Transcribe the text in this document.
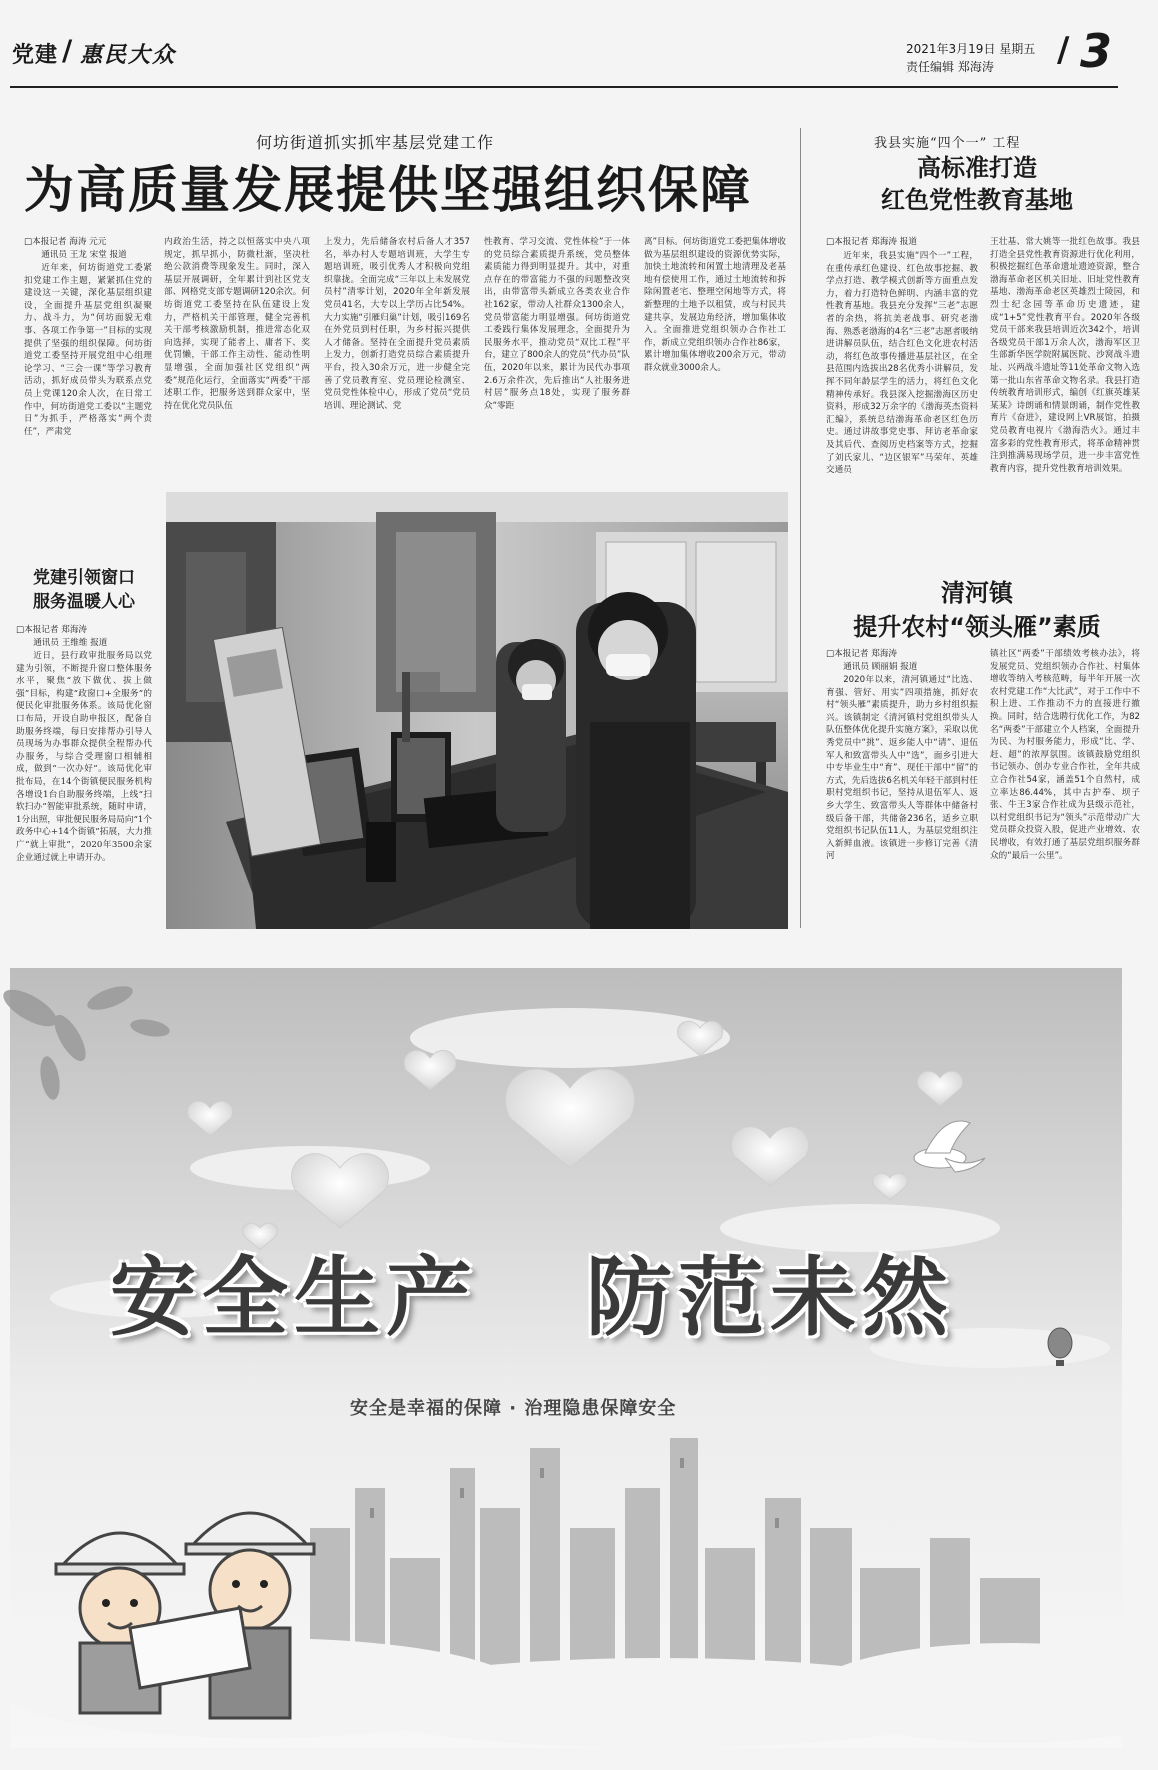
党建 / 惠民大众	2021年3月19日 星期五
责任编辑 郑海涛 / 3
何坊街道抓实抓牢基层党建工作
为高质量发展提供坚强组织保障
□本报记者 海涛 元元
通讯员 王龙 宋堂 报道

近年来，何坊街道党工委紧扣党建工作主题，紧紧抓住党的建设这一关键，深化基层组织建设，全面提升基层党组织凝聚力、战斗力，为“何坊面貌无难事、各项工作争第一”目标的实现提供了坚强的组织保障。何坊街道党工委坚持开展党组中心组理论学习、“三会一课”等学习教育活动，抓好成员带头为联系点党员上党课120余人次，在日常工作中，何坊街道党工委以“主题党日”为抓手，严格落实“两个责任”，严肃党

内政治生活，持之以恒落实中央八项规定，抓早抓小，防微杜渐，坚决杜绝公款消费等现象发生。同时，深入基层开展调研，全年累计到社区党支部、网格党支部专题调研120余次。何坊街道党工委坚持在队伍建设上发力，严格机关干部管理，健全完善机关干部考核激励机制，推进常态化双向选择，实现了能者上、庸者下、奖优罚懒，干部工作主动性、能动性明显增强，全面加强社区党组织“两委”规范化运行，全面落实“两委”干部述职工作，把服务送到群众家中，坚持在优化党员队伍

上发力，先后储备农村后备人才357名，举办村人专题培训班，大学生专题培训班，吸引优秀人才积极向党组织靠拢。全面完成“三年以上未发展党员村”清零计划，2020年全年新发展党员41名，大专以上学历占比54%。大力实施“引雁归巢”计划，吸引169名在外党员到村任职，为乡村振兴提供人才储备。坚持在全面提升党员素质上发力，创新打造党员综合素质提升平台，投入30余万元，进一步健全完善了党员教育室、党员理论检测室、党员党性体检中心，形成了党员“党员培训、理论测试、党

性教育、学习交流、党性体检”于一体的党员综合素质提升系统，党员整体素质能力得到明显提升。其中，对重点存在的带富能力不强的问题整改突出，由带富带头新成立各类农业合作社162家，带动人社群众1300余人，党员带富能力明显增强。何坊街道党工委践行集体发展理念，全面提升为民服务水平，推动党员“双比工程”平台，建立了800余人的党员“代办员”队伍，2020年以来，累计为民代办事项2.6万余件次，先后推出“人社服务进村居”服务点18处，实现了服务群众“零距

离”目标。何坊街道党工委把集体增收做为基层组织建设的资源优势实际，加快土地流转和闲置土地清理及老基地有偿使用工作，通过土地流转和拆除闲置老宅、整理空闲地等方式，将新整理的土地予以租赁，或与村民共建共享，发展边角经济，增加集体收入。全面推进党组织领办合作社工作，新成立党组织领办合作社86家，累计增加集体增收200余万元，带动群众就业3000余人。

党建引领窗口
服务温暖人心
□本报记者 郑海涛
通讯员 王维维 报道

近日，县行政审批服务局以党建为引领，不断提升窗口整体服务水平，聚焦“放下做优、拔上做强”目标，构建“政窗口+全服务”的便民化审批服务体系。该局优化窗口布局，开设自助申报区，配备自助服务终端，每日安排帮办引导人员现场为办事群众提供全程帮办代办服务，与综合受理窗口相辅相成，做到“一次办好”。该局优化审批布局，在14个街镇便民服务机构各增设1台自助服务终端，上线“扫软扫办”智能审批系统，随时申请，1分出照，审批便民服务局局向“1个政务中心+14个街镇”拓展，大力推广“就上审批”，2020年3500余家企业通过就上申请开办。

我县实施“四个一” 工程
高标准打造
红色党性教育基地
□本报记者 郑海涛 报道

近年来，我县实施“四个一”工程，在重传承红色建设、红色故事挖掘、教学点打造、教学模式创新等方面重点发力，着力打造特色鲜明、内涵丰富的党性教育基地。我县充分发挥“三老”志愿者的余热，将抗美老战事、研究老渤海、熟悉老渤海的4名“三老”志愿者吸纳进讲解员队伍，结合红色文化进农村活动，将红色故事传播进基层社区，在全县范围内选拔出28名优秀小讲解员，发挥不同年龄层学生的活力，将红色文化精神传承好。我县深入挖掘渤海区历史资料，形成32万余字的《渤海英杰资料汇编》，系统总结渤海革命老区红色历史。通过讲故事党史事、拜访老革命家及其后代、查阅历史档案等方式，挖掘了刘氏家儿、“边区银军”马荣年、英雄交通员

王壮基、常大姚等一批红色故事。我县打造全县党性教育资源进行优化利用，积极挖掘红色革命遗址遗迹资源，整合渤海革命老区机关旧址、旧址党性教育基地、渤海革命老区英雄烈士陵园，和烈士纪念园等革命历史遗迹，建成“1+5”党性教育平台。2020年各级党员干部来我县培训近次342个，培训各级党员干部1万余人次，渤海军区卫生部新华医学院附属医院、沙窝战斗遗址、兴两战斗遗址等11处革命文物入选第一批山东省革命文物名录。我县打造传统教育培训形式，编创《红旗英雄某某某》诗朗诵和情景朗诵，制作党性教育片《奋进》，建设网上VR展馆，拍摄党员教育电视片《渤海浩火》。通过丰富多彩的党性教育形式，将革命精神贯注到推满易现场学员，进一步丰富党性教育内容，提升党性教育培训效果。

清河镇
提升农村“领头雁”素质
□本报记者 郑海涛
通讯员 顾丽娟 报道

2020年以来，清河镇通过“比选、育强、管好、用实”四项措施，抓好农村“领头雁”素质提升，助力乡村组织振兴。该镇制定《清河镇村党组织带头人队伍整体优化提升实施方案》，采取以优秀党员中“挑”、返乡能人中“请”、退伍军人和致富带头人中“选”，面乡引进大中专毕业生中“育”、现任干部中“留”的方式，先后选拔6名机关年轻干部到村任职村党组织书记，坚持从退伍军人、返乡大学生、致富带头人等群体中储备村级后备干部，共储备236名，适乡立职党组织书记队伍11人，为基层党组织注入新鲜血液。该镇进一步修订完善《清河

镇社区“两委”干部绩效考核办法》，将发展党员、党组织领办合作社、村集体增收等纳入考核范畴，每半年开展一次农村党建工作“大比武”，对于工作中不积上进、工作推动不力的直接进行撤换。同时，结合选聘行优化工作，为82名“两委”干部建立个人档案，全面提升为民、为村服务能力，形成“比、学、赶、超”的浓厚氛围。该镇鼓励党组织书记领办、创办专业合作社，全年共成立合作社54家，涵盖51个自然村，成立率达86.44%，其中古护奉、坝子张、牛王3家合作社成为县级示范社，以村党组织书记为“领头”示范带动广大党员群众投资入股，促进产业增效、农民增收，有效打通了基层党组织服务群众的“最后一公里”。

安全生产 防范未然
安全是幸福的保障 · 治理隐患保障安全
